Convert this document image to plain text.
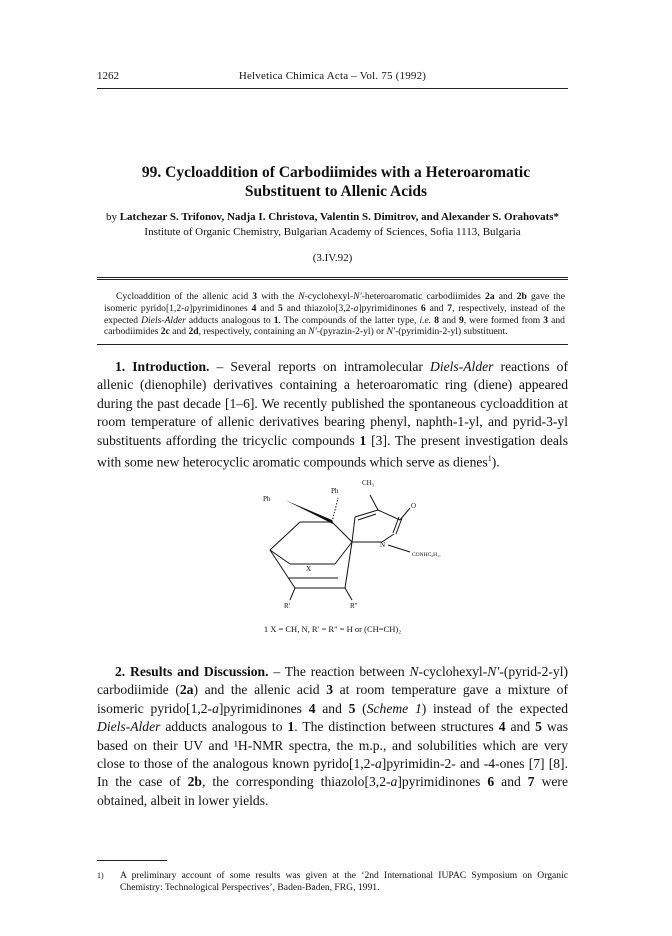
1262	Helvetica Chimica Acta – Vol. 75 (1992)
99. Cycloaddition of Carbodiimides with a Heteroaromatic Substituent to Allenic Acids
by Latchezar S. Trifonov, Nadja I. Christova, Valentin S. Dimitrov, and Alexander S. Orahovats*
Institute of Organic Chemistry, Bulgarian Academy of Sciences, Sofia 1113, Bulgaria
(3.IV.92)
Cycloaddition of the allenic acid 3 with the N-cyclohexyl-N′-heteroaromatic carbodiimides 2a and 2b gave the isomeric pyrido[1,2-a]pyrimidinones 4 and 5 and thiazolo[3,2-a]pyrimidinones 6 and 7, respectively, instead of the expected Diels-Alder adducts analogous to 1. The compounds of the latter type, i.e. 8 and 9, were formed from 3 and carbodiimides 2c and 2d, respectively, containing an N′-(pyrazin-2-yl) or N′-(pyrimidin-2-yl) substituent.
1. Introduction. – Several reports on intramolecular Diels-Alder reactions of allenic (dienophile) derivatives containing a heteroaromatic ring (diene) appeared during the past decade [1–6]. We recently published the spontaneous cycloaddition at room temperature of allenic derivatives bearing phenyl, naphth-1-yl, and pyrid-3-yl substituents affording the tricyclic compounds 1 [3]. The present investigation deals with some new heterocyclic aromatic compounds which serve as dienes$^1$).
CH₃
Ph
Ph
O
N
CONHC₆H₁₁
X
R′	R″
1 X = CH, N, R′ = R″ = H or (CH=CH)₂
2. Results and Discussion. – The reaction between N-cyclohexyl-N′-(pyrid-2-yl) carbodiimide (2a) and the allenic acid 3 at room temperature gave a mixture of isomeric pyrido[1,2-a]pyrimidinones 4 and 5 (Scheme 1) instead of the expected Diels-Alder adducts analogous to 1. The distinction between structures 4 and 5 was based on their UV and ¹H-NMR spectra, the m.p., and solubilities which are very close to those of the analogous known pyrido[1,2-a]pyrimidin-2- and -4-ones [7] [8]. In the case of 2b, the corresponding thiazolo[3,2-a]pyrimidinones 6 and 7 were obtained, albeit in lower yields.
1) A preliminary account of some results was given at the ‘2nd International IUPAC Symposium on Organic Chemistry: Technological Perspectives’, Baden-Baden, FRG, 1991.
